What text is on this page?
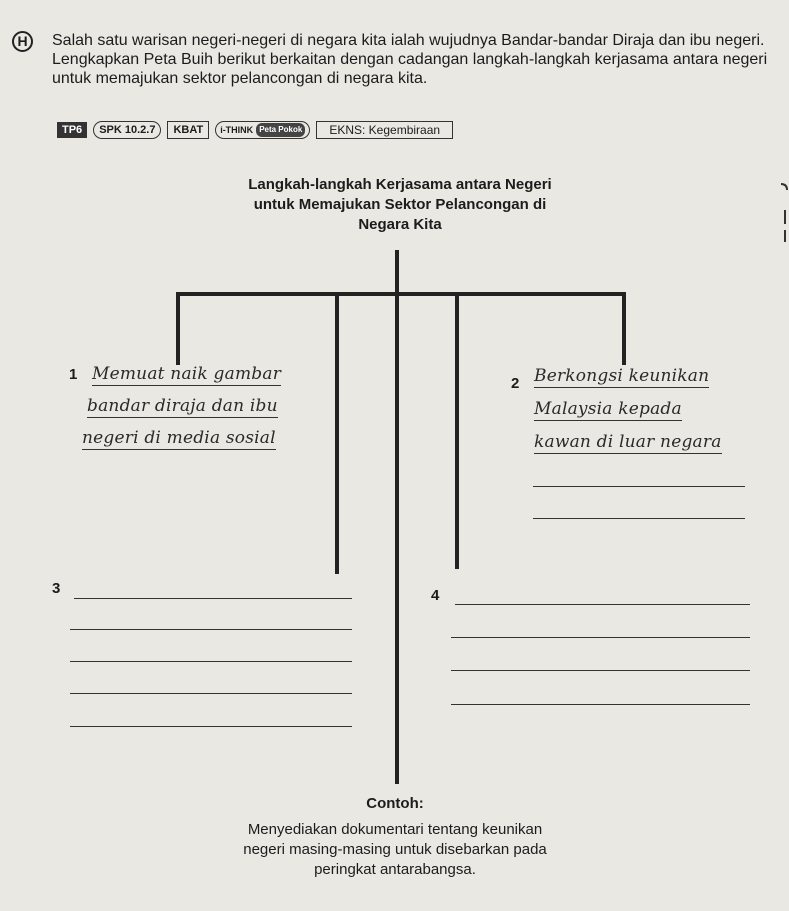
H	Salah satu warisan negeri-negeri di negara kita ialah wujudnya Bandar-bandar Diraja dan ibu negeri.

Lengkapkan Peta Buih berikut berkaitan dengan cadangan langkah-langkah kerjasama antara negeri untuk memajukan sektor pelancongan di negara kita.

TP6	SPK 10.2.7	KBAT	i-THINK Peta Pokok	EKNS: Kegembiraan
Langkah-langkah Kerjasama antara Negeri
untuk Memajukan Sektor Pelancongan di
Negara Kita
1 Memuat naik gambar
bandar diraja dan ibu
negeri di media sosial
2 Berkongsi keunikan
Malaysia kepada
kawan di luar negara
3	4
Contoh:
Menyediakan dokumentari tentang keunikan
negeri masing-masing untuk disebarkan pada
peringkat antarabangsa.
